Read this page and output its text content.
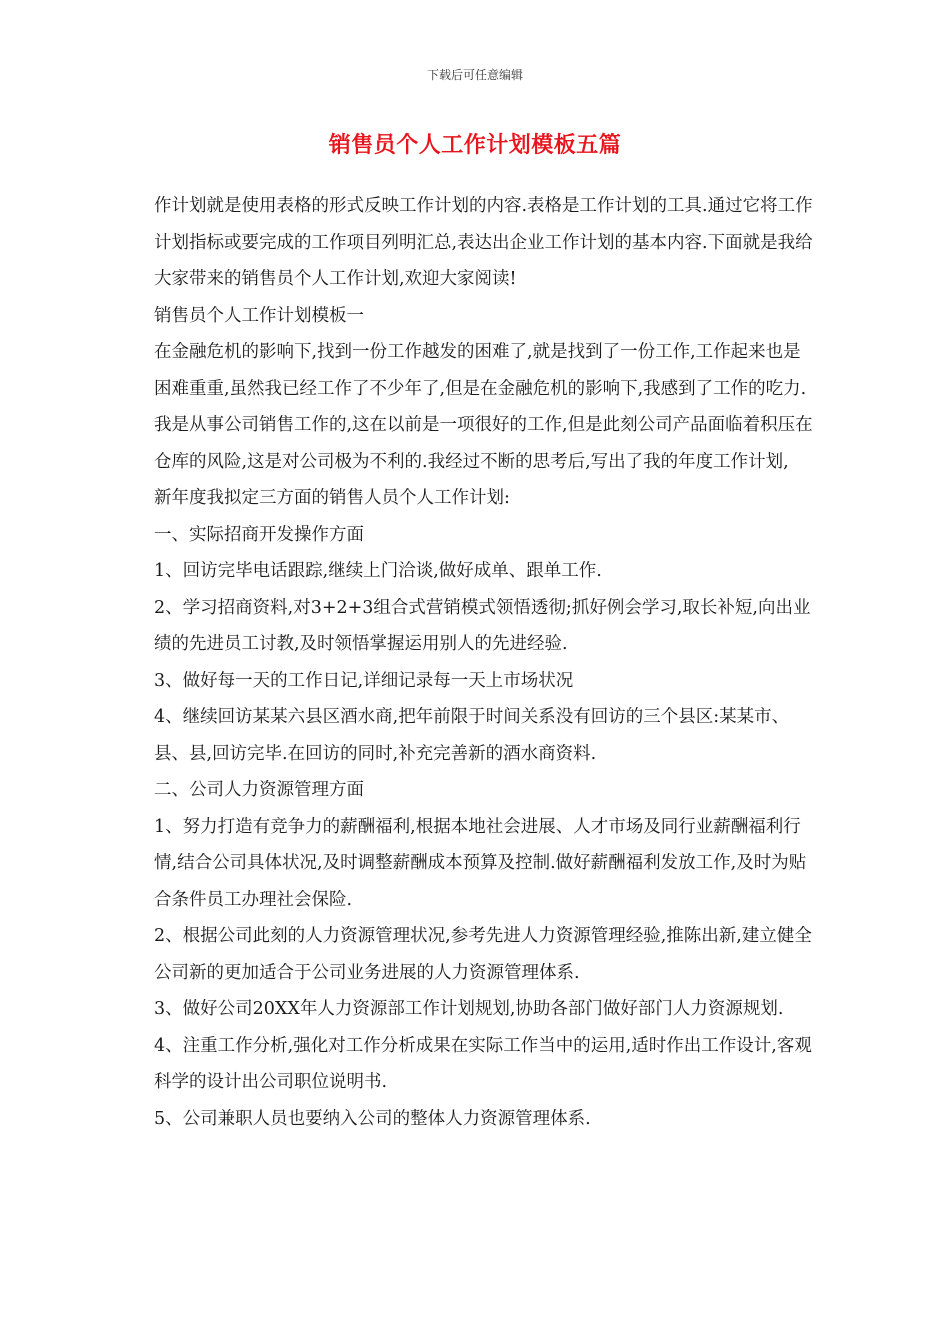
下载后可任意编辑
销售员个人工作计划模板五篇

作计划就是使用表格的形式反映工作计划的内容.表格是工作计划的工具.通过它将工作计划指标或要完成的工作项目列明汇总,表达出企业工作计划的基本内容.下面就是我给大家带来的销售员个人工作计划,欢迎大家阅读!

销售员个人工作计划模板一

在金融危机的影响下,找到一份工作越发的困难了,就是找到了一份工作,工作起来也是困难重重,虽然我已经工作了不少年了,但是在金融危机的影响下,我感到了工作的吃力.

我是从事公司销售工作的,这在以前是一项很好的工作,但是此刻公司产品面临着积压在仓库的风险,这是对公司极为不利的.我经过不断的思考后,写出了我的年度工作计划,

新年度我拟定三方面的销售人员个人工作计划:

一、实际招商开发操作方面

1、回访完毕电话跟踪,继续上门洽谈,做好成单、跟单工作.

2、学习招商资料,对3+2+3组合式营销模式领悟透彻;抓好例会学习,取长补短,向出业绩的先进员工讨教,及时领悟掌握运用别人的先进经验.

3、做好每一天的工作日记,详细记录每一天上市场状况

4、继续回访某某六县区酒水商,把年前限于时间关系没有回访的三个县区:某某市、县、县,回访完毕.在回访的同时,补充完善新的酒水商资料.

二、公司人力资源管理方面

1、努力打造有竞争力的薪酬福利,根据本地社会进展、人才市场及同行业薪酬福利行情,结合公司具体状况,及时调整薪酬成本预算及控制.做好薪酬福利发放工作,及时为贴合条件员工办理社会保险.

2、根据公司此刻的人力资源管理状况,参考先进人力资源管理经验,推陈出新,建立健全公司新的更加适合于公司业务进展的人力资源管理体系.

3、做好公司20XX年人力资源部工作计划规划,协助各部门做好部门人力资源规划.

4、注重工作分析,强化对工作分析成果在实际工作当中的运用,适时作出工作设计,客观科学的设计出公司职位说明书.

5、公司兼职人员也要纳入公司的整体人力资源管理体系.
